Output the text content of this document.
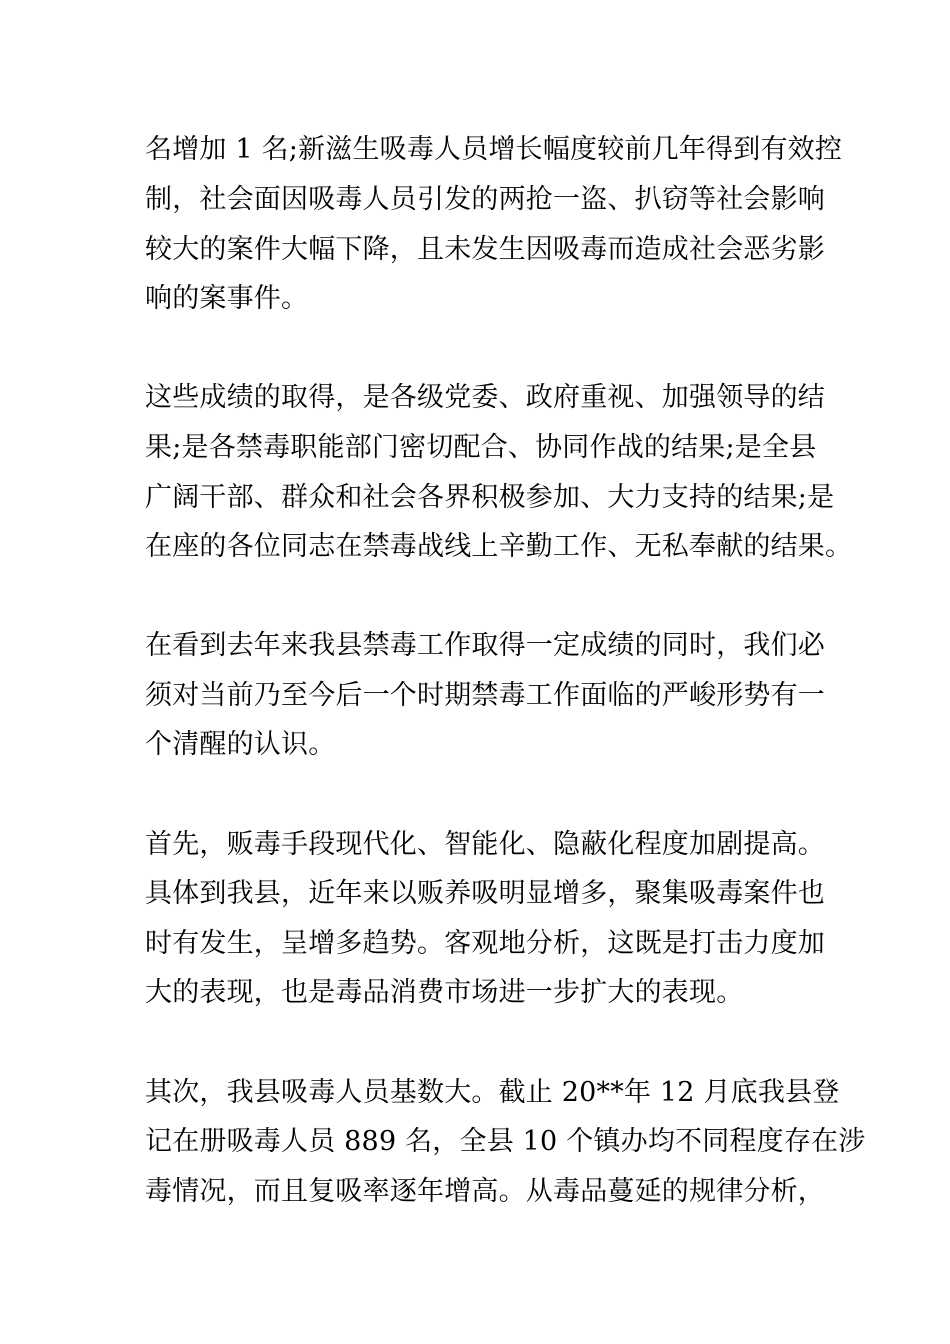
名增加 1 名;新滋生吸毒人员增长幅度较前几年得到有效控
制，社会面因吸毒人员引发的两抢一盗、扒窃等社会影响
较大的案件大幅下降，且未发生因吸毒而造成社会恶劣影
响的案事件。
这些成绩的取得，是各级党委、政府重视、加强领导的结
果;是各禁毒职能部门密切配合、协同作战的结果;是全县
广阔干部、群众和社会各界积极参加、大力支持的结果;是
在座的各位同志在禁毒战线上辛勤工作、无私奉献的结果。
在看到去年来我县禁毒工作取得一定成绩的同时，我们必
须对当前乃至今后一个时期禁毒工作面临的严峻形势有一
个清醒的认识。
首先，贩毒手段现代化、智能化、隐蔽化程度加剧提高。
具体到我县，近年来以贩养吸明显增多，聚集吸毒案件也
时有发生，呈增多趋势。客观地分析，这既是打击力度加
大的表现，也是毒品消费市场进一步扩大的表现。
其次，我县吸毒人员基数大。截止 20**年 12 月底我县登
记在册吸毒人员 889 名，全县 10 个镇办均不同程度存在涉
毒情况，而且复吸率逐年增高。从毒品蔓延的规律分析，
